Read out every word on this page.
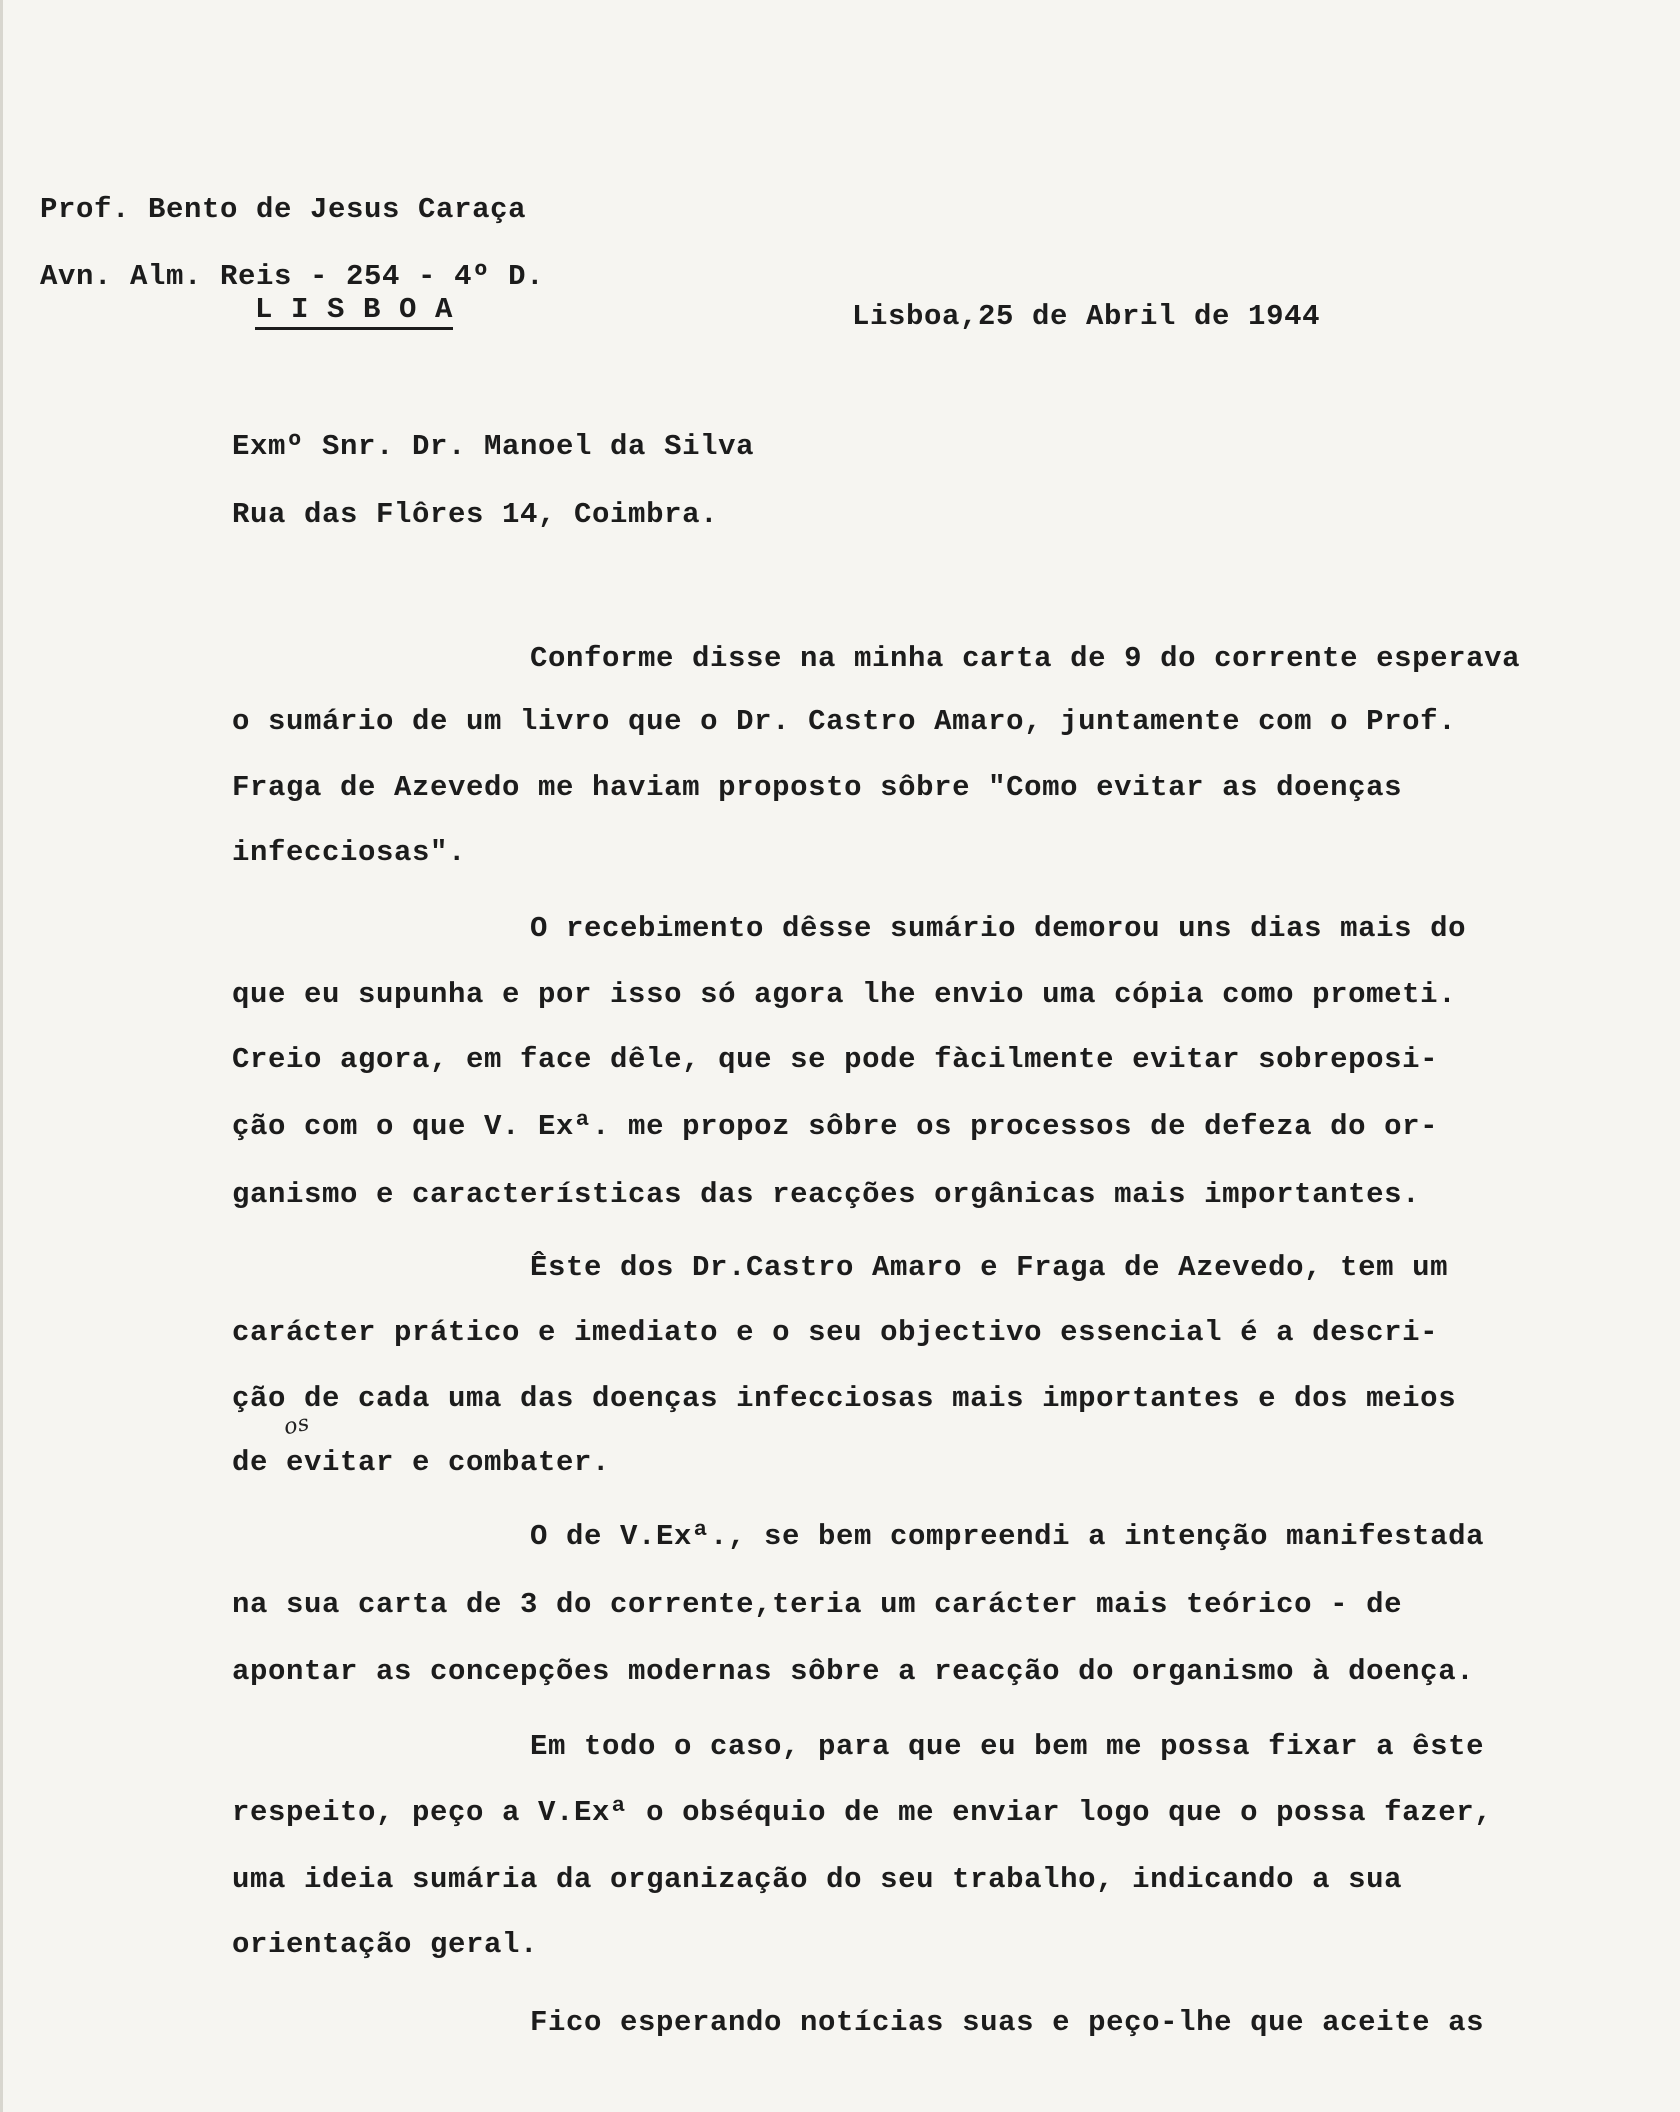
Prof. Bento de Jesus Caraça
Avn. Alm. Reis - 254 - 4º D.
L I S B O A	Lisboa,25 de Abril de 1944
Exmº Snr. Dr. Manoel da Silva
Rua das Flôres 14, Coimbra.
Conforme disse na minha carta de 9 do corrente esperava
o sumário de um livro que o Dr. Castro Amaro, juntamente com o Prof.
Fraga de Azevedo me haviam proposto sôbre "Como evitar as doenças
infecciosas".
O recebimento dêsse sumário demorou uns dias mais do
que eu supunha e por isso só agora lhe envio uma cópia como prometi.
Creio agora, em face dêle, que se pode fàcilmente evitar sobreposi-
ção com o que V. Exª. me propoz sôbre os processos de defeza do or-
ganismo e características das reacções orgânicas mais importantes.
Êste dos Dr.Castro Amaro e Fraga de Azevedo, tem um
carácter prático e imediato e o seu objectivo essencial é a descri-
ção de cada uma das doenças infecciosas mais importantes e dos meios
de evitar e combater.
os
O de V.Exª., se bem compreendi a intenção manifestada
na sua carta de 3 do corrente,teria um carácter mais teórico - de
apontar as concepções modernas sôbre a reacção do organismo à doença.
Em todo o caso, para que eu bem me possa fixar a êste
respeito, peço a V.Exª o obséquio de me enviar logo que o possa fazer,
uma ideia sumária da organização do seu trabalho, indicando a sua
orientação geral.
Fico esperando notícias suas e peço-lhe que aceite as
